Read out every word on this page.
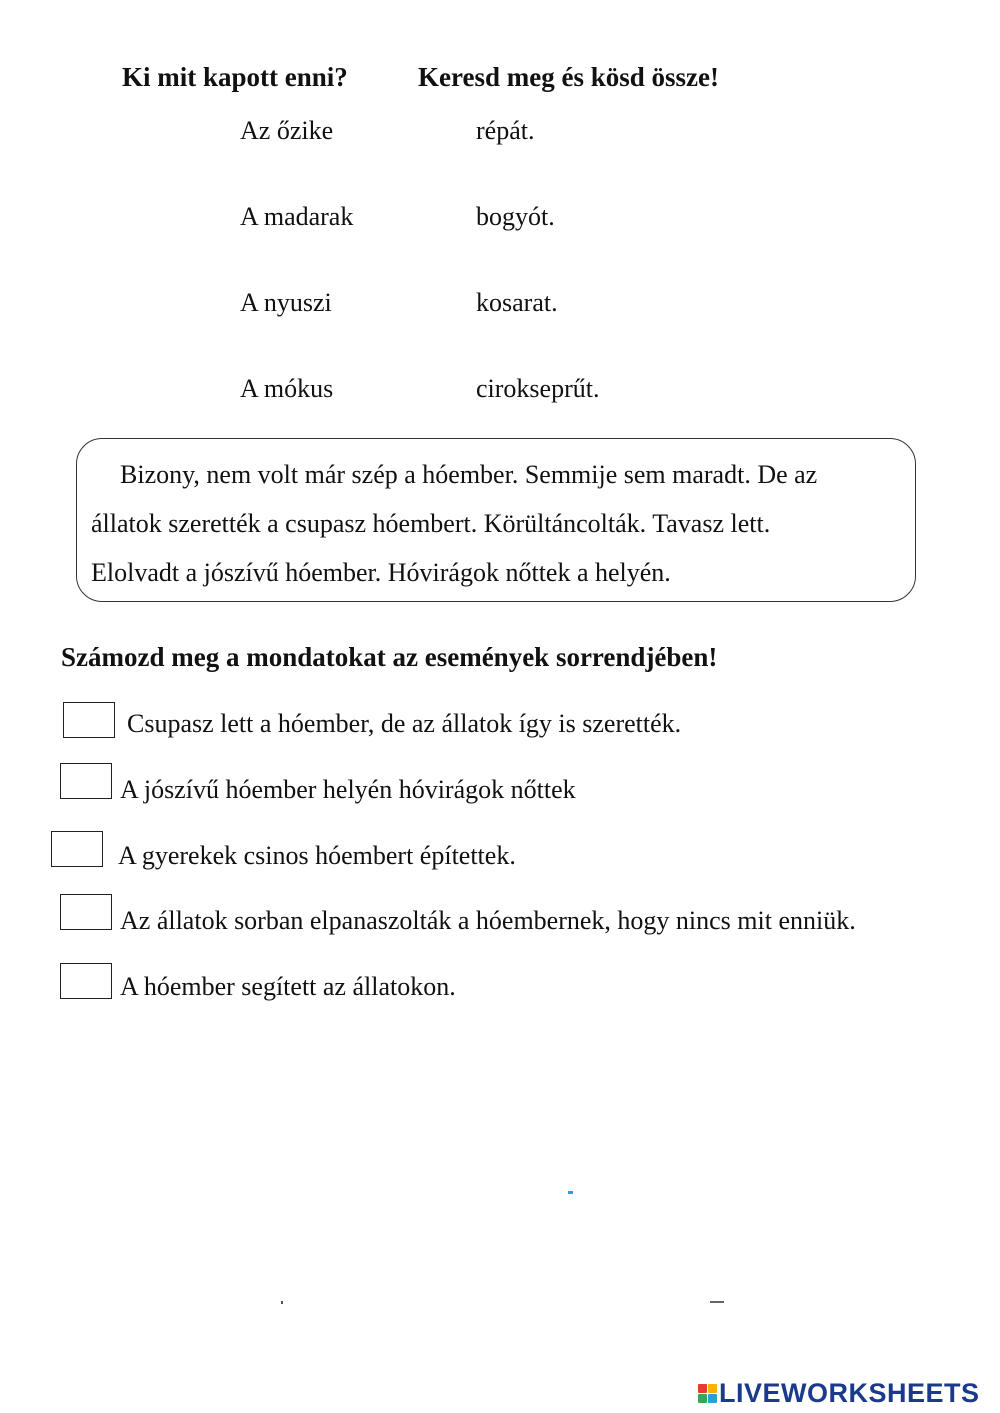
Ki mit kapott enni?	Keresd meg és kösd össze!
Az őzike
A madarak
A nyuszi
A mókus
répát.
bogyót.
kosarat.
cirokseprűt.
Bizony, nem volt már szép a hóember. Semmije sem maradt. De az
állatok szerették a csupasz hóembert. Körültáncolták. Tavasz lett.
Elolvadt a jószívű hóember. Hóvirágok nőttek a helyén.
Számozd meg a mondatokat az események sorrendjében!
Csupasz lett a hóember, de az állatok így is szerették.
A jószívű hóember helyén hóvirágok nőttek
A gyerekek csinos hóembert építettek.
Az állatok sorban elpanaszolták a hóembernek, hogy nincs mit enniük.
A hóember segített az állatokon.
LIVEWORKSHEETS
